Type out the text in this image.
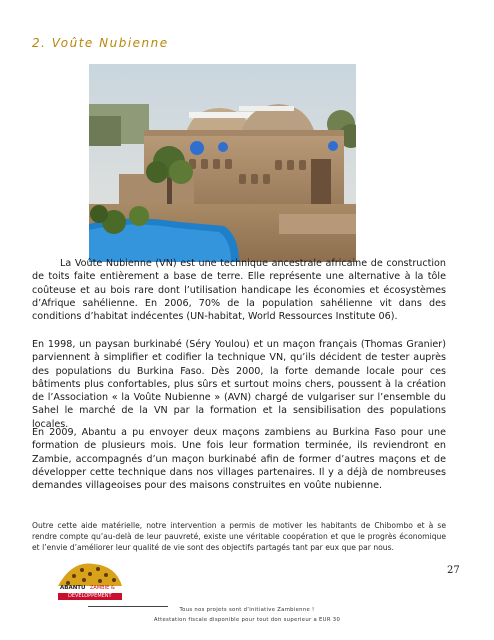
2. Voûte Nubienne

La Voûte Nubienne (VN) est une technique ancestrale africaine de construction de toits faite entièrement a base de terre. Elle représente une alternative à la tôle coûteuse et au bois rare dont l’utilisation handicape les économies et écosystèmes d’Afrique sahélienne. En 2006, 70% de la population sahélienne vit dans des conditions d’habitat indécentes (UN-habitat, World Ressources Institute 06).

En 1998, un paysan burkinabé (Séry Youlou) et un maçon français (Thomas Granier) parviennent à simplifier et codifier la technique VN, qu’ils décident de tester auprès des populations du Burkina Faso. Dès 2000, la forte demande locale pour ces bâtiments plus confortables, plus sûrs et surtout moins chers, poussent à la création de l’Association « la Voûte Nubienne » (AVN) chargé de vulgariser sur l’ensemble du Sahel le marché de la VN par la formation et la sensibilisation des populations locales.

En 2009, Abantu a pu envoyer deux maçons zambiens au Burkina Faso pour une formation de plusieurs mois. Une fois leur formation terminée, ils reviendront en Zambie, accompagnés d’un maçon burkinabé afin de former d’autres maçons et de développer cette technique dans nos villages partenaires. Il y a déjà de nombreuses demandes villageoises pour des maisons construites en voûte nubienne.

Outre cette aide matérielle, notre intervention a permis de motiver les habitants de Chibombo et à se rendre compte qu’au-delà de leur pauvreté, existe une véritable coopération et que le progrès économique et l’envie d’améliorer leur qualité de vie sont des objectifs partagés tant par eux que par nous.

27
ABANTU ZAMBIE &
DEVELOPPEMENT
Tous nos projets sont d’initiative Zambienne !
Attestation fiscale disponible pour tout don superieur a EUR 30
